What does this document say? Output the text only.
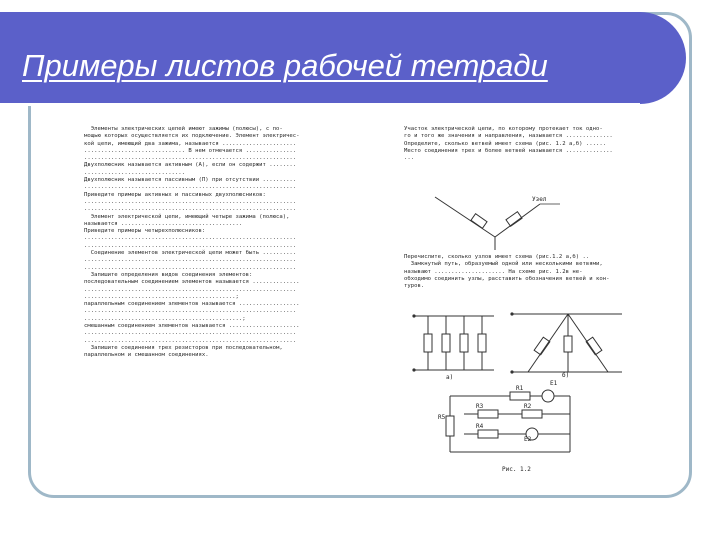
Примеры листов рабочей тетради
Элементы электрических цепей имеют зажимы (полюсы), с по-
мощью которых осуществляется их подключение. Элемент электричес-
кой цепи, имеющий два зажима, называется ......................
.............................. В нем отмечается ...............
...............................................................
Двухполюсник называется активным (А), если он содержит ........
..............................
Двухполюсник называется пассивным (П) при отсутствии ..........
...............................................................
Приведите примеры активных и пассивных двухполюсников:
...............................................................
...............................................................
Элемент электрической цепи, имеющий четыре зажима (полюса),
называется ....................................
Приведите примеры четырехполюсников:
...............................................................
...............................................................
Соединение элементов электрической цепи может быть ..........
...............................................................
...............................................................
Запишите определения видов соединения элементов:
последовательным соединением элементов называется ..............
...............................................................
.............................................;
параллельным соединением элементов называется ..................
...............................................................
...............................................;
смешанным соединением элементов называется .....................
...............................................................
...............................................................
Запишите соединения трех резисторов при последовательном,
параллельном и смешанном соединениях.
Участок электрической цепи, по которому протекает ток одно-
го и того же значения и направления, называется ..............
Определите, сколько ветвей имеет схема (рис. 1.2 а,б) ......
Место соединения трех и более ветвей называется ..............
...
Перечислите, сколько узлов имеет схема (рис.1.2 а,б) ..
Замкнутый путь, образуемый одной или несколькими ветвями,
называют ..................... На схеме рис. 1.2в не-
обходимо соединить узлы, расставить обозначения ветвей и кон-
туров.
Узел
a)	б)
R1
R2
R3
R4
R5
E1
E2
Рис. 1.2
